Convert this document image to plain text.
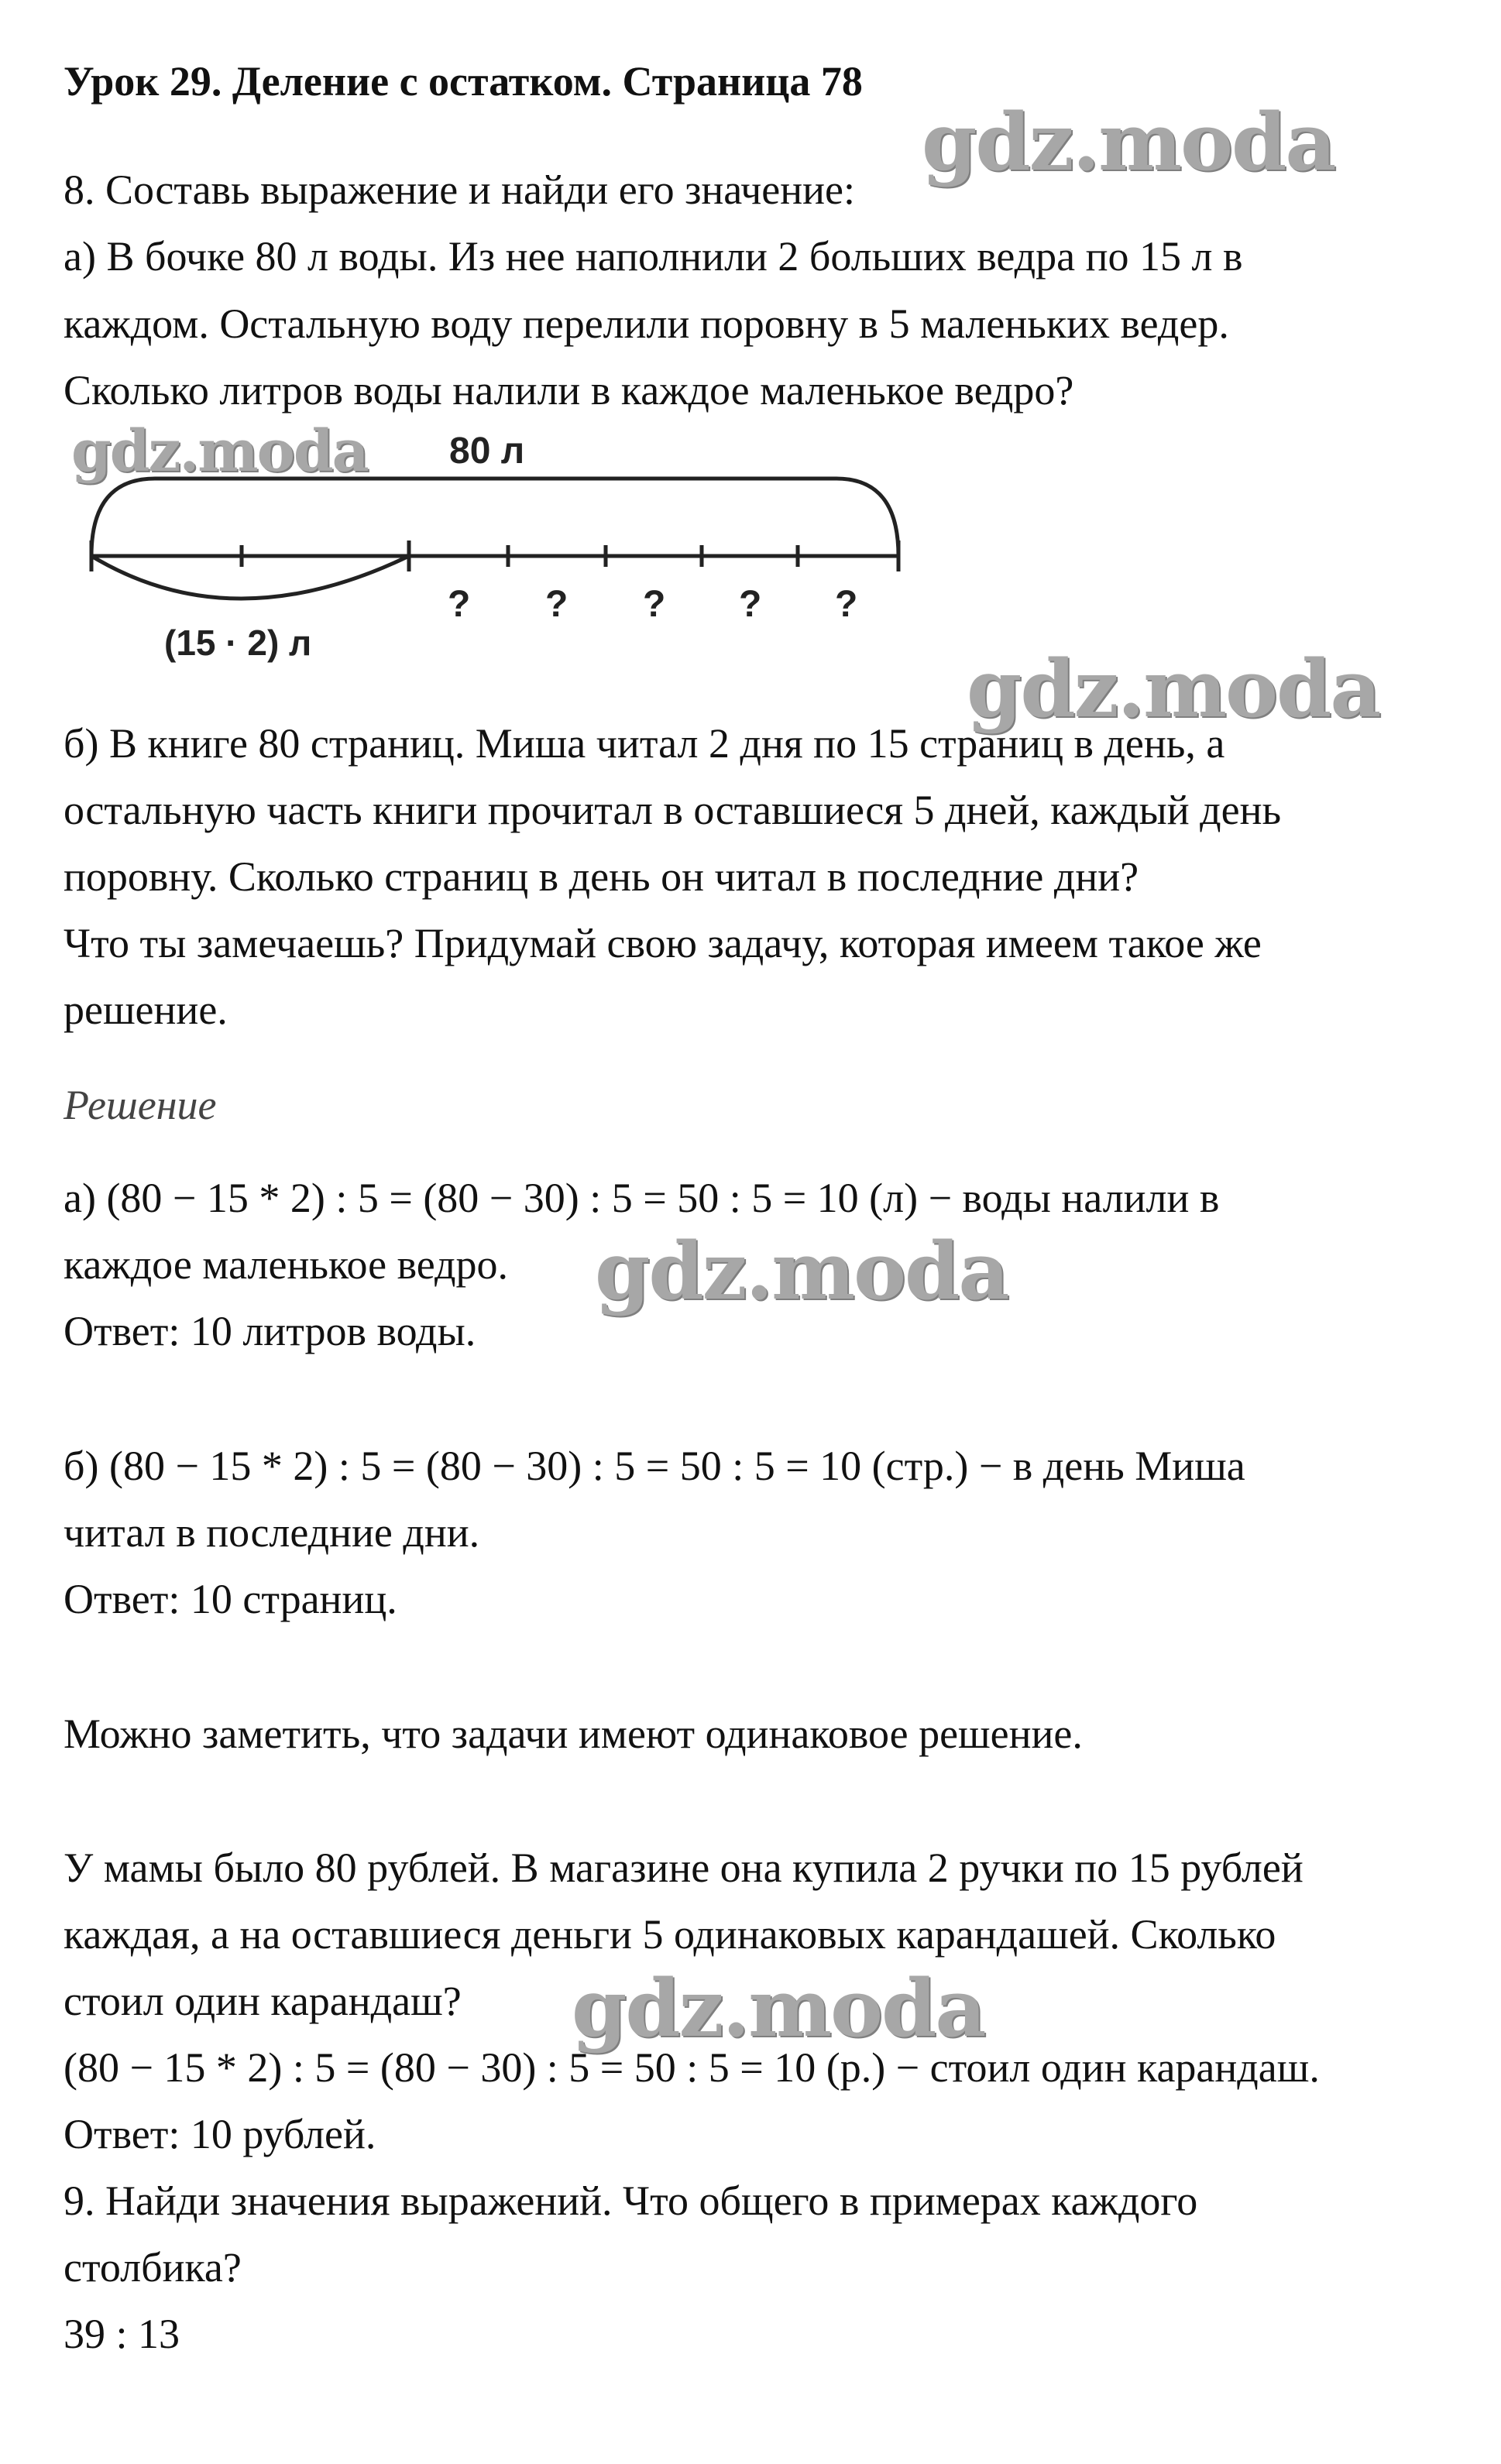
Урок 29. Деление с остатком. Страница 78
8. Составь выражение и найди его значение:
а) В бочке 80 л воды. Из нее наполнили 2 больших ведра по 15 л в
каждом. Остальную воду перелили поровну в 5 маленьких ведер.
Сколько литров воды налили в каждое маленькое ведро?
80 л
(15 · 2) л
? ? ? ? ?
б) В книге 80 страниц. Миша читал 2 дня по 15 страниц в день, а
остальную часть книги прочитал в оставшиеся 5 дней, каждый день
поровну. Сколько страниц в день он читал в последние дни?
Что ты замечаешь? Придумай свою задачу, которая имеем такое же
решение.
Решение
а) (80 − 15 * 2) : 5 = (80 − 30) : 5 = 50 : 5 = 10 (л) − воды налили в
каждое маленькое ведро.
Ответ: 10 литров воды.
б) (80 − 15 * 2) : 5 = (80 − 30) : 5 = 50 : 5 = 10 (стр.) − в день Миша
читал в последние дни.
Ответ: 10 страниц.
Можно заметить, что задачи имеют одинаковое решение.
У мамы было 80 рублей. В магазине она купила 2 ручки по 15 рублей
каждая, а на оставшиеся деньги 5 одинаковых карандашей. Сколько
стоил один карандаш?
(80 − 15 * 2) : 5 = (80 − 30) : 5 = 50 : 5 = 10 (р.) − стоил один карандаш.
Ответ: 10 рублей.
9. Найди значения выражений. Что общего в примерах каждого
столбика?
39 : 13
gdz.moda
gdz.moda
gdz.moda
gdz.moda
gdz.moda
